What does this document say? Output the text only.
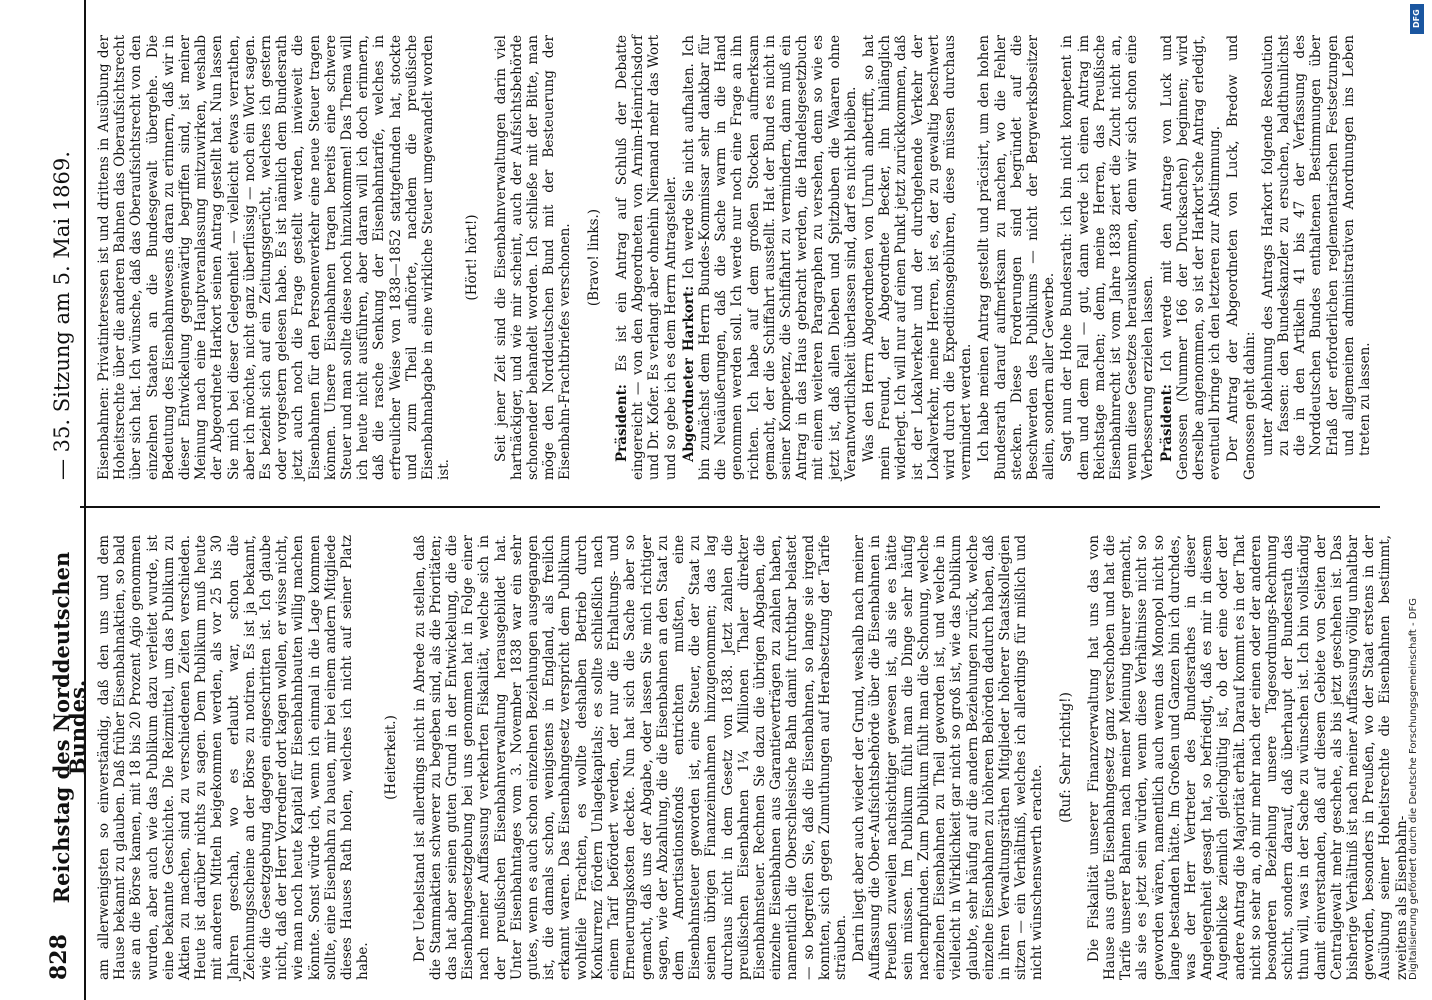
828
Reichstag des Norddeutschen Bundes. am allerwenigsten so einverständig, daß den uns und dem Hause bekannt zu glauben. Daß früher Eisenbahnaktien, so bald sie an die Börse kamen, mit 18 bis 20 Prozent Agio genommen wurden, aber auch wie das Publikum dazu verleitet wurde, ist eine bekannte Geschichte. Die Reizmittel, um das Publikum zu Aktien zu machen, sind zu verschiedenen Zeiten verschieden. Heute ist darüber nichts zu sagen. Dem Publikum muß heute mit anderen Mitteln beigekommen werden, als vor 25 bis 30 Jahren geschah, wo es erlaubt war, schon die Zeichnungsscheine an der Börse zu notiren. Es ist ja bekannt, wie die Gesetzgebung dagegen eingeschritten ist. Ich glaube nicht, daß der Herr Vorredner dort kagen wollen, er wisse nicht, wie man noch heute Kapital für Eisenbahnbauten willig machen könnte. Sonst würde ich, wenn ich einmal in die Lage kommen sollte, eine Eisenbahn zu bauen, mir bei einem andern Mitgliede dieses Hauses Rath holen, welches ich nicht auf seiner Platz habe.

(Heiterkeit.) Der Uebelstand ist allerdings nicht in Abrede zu stellen, daß die Stammaktien schwerer zu begeben sind, als die Prioritäten; das hat aber seinen guten Grund in der Entwickelung, die die Eisenbahngesetzgebung bei uns genommen hat in Folge einer nach meiner Auffassung verkehrten Fiskalität, welche sich in der preußischen Eisenbahnverwaltung herausgebildet hat. Unter Eisenbahntages vom 3. November 1838 war ein sehr gutes, wenn es auch schon einzelnen Beziehungen ausgegangen ist, die damals schon, wenigstens in England, als freilich erkannt waren. Das Eisenbahngesetz verspricht dem Publikum wohlfeile Frachten, es wollte deshalben Betrieb durch Konkurrenz fördern Unlagekapitals; es sollte schließlich nach einem Tarif befördert werden, der nur die Erhaltungs- und Erneuerungskosten deckte. Nun hat sich die Sache aber so gemacht, daß uns der Abgabe, oder lassen Sie mich richtiger sagen, wie der Abzahlung, die die Eisenbahnen an den Staat zu dem Amortisationsfonds entrichten mußten, eine Eisenbahnsteuer geworden ist, eine Steuer, die der Staat zu seinen übrigen Finanzeinnahmen hinzugenommen; das lag durchaus nicht in dem Gesetz von 1838. Jetzt zahlen die preußischen Eisenbahnen 1¼ Millionen Thaler direkter Eisenbahnsteuer. Rechnen Sie dazu die übrigen Abgaben, die einzelne Eisenbahnen aus Garantieverträgen zu zahlen haben, namentlich die Oberschlesische Bahn damit furchtbar belastet — so begreifen Sie, daß die Eisenbahnen, so lange sie irgend konnten, sich gegen Zumuthungen auf Herabsetzung der Tarife sträuben. Darin liegt aber auch wieder der Grund, weshalb nach meiner Auffassung die Ober-Aufsichtsbehörde über die Eisenbahnen in Preußen zuweilen nachsichtiger gewesen ist, als sie es hätte sein müssen. Im Publikum fühlt man die Dinge sehr häufig nachempfunden. Zum Publikum fühlt man die Schonung, welche einzelnen Eisenbahnen zu Theil geworden ist, und welche in vielleicht in Wirklichkeit gar nicht so groß ist, wie das Publikum glaubte, sehr häufig auf die andern Beziehungen zurück, welche einzelne Eisenbahnen zu höheren Behörden dadurch haben, daß in ihren Verwaltungsräthen Mitglieder höherer Staatskollegien sitzen — ein Verhältniß, welches ich allerdings für mißlich und nicht wünschenswerth erachte.

(Ruf: Sehr richtig!) Die Fiskalität unserer Finanzverwaltung hat uns das von Hause aus gute Eisenbahngesetz ganz verschoben und hat die Tarife unserer Bahnen nach meiner Meinung theurer gemacht, als sie es jetzt sein würden, wenn diese Verhältnisse nicht so geworden wären, namentlich auch wenn das Monopol nicht so lange bestanden hätte. Im Großen und Ganzen bin ich durchdes, was der Herr Vertreter des Bundesrathes in dieser Angelegenheit gesagt hat, so befriedigt, daß es mir in diesem Augenblicke ziemlich gleichgültig ist, ob der eine oder der andere Antrag die Majorität erhält. Darauf kommt es in der That nicht so sehr an, ob mir mehr nach der einen oder der anderen besonderen Beziehung unsere Tagesordnungs-Rechnung schicht, sondern darauf, daß überhaupt der Bundesrath das thun will, was in der Sache zu wünschen ist. Ich bin vollständig damit einverstanden, daß auf diesem Gebiete von Seiten der Centralgewalt mehr geschehe, als bis jetzt geschehen ist. Das bisherige Verhältniß ist nach meiner Auffassung völlig unhaltbar geworden, besonders in Preußen, wo der Staat erstens in der Ausübung seiner Hoheitsrechte die Eisenbahnen bestimmt, zweitens als Eisenbahn-

— 35. Sitzung am 5. Mai 1869.	Eisenbahnen: Privatinteressen ist und drittens in Ausübung der Hoheitsrechte über die anderen Bahnen das Oberaufsichtsrecht über sich hat. Ich wünsche, daß das Oberaufsichtsrecht von den einzelnen Staaten an die Bundesgewalt übergehe. Die Bedeutung des Eisenbahnwesens daran zu erinnern, daß wir in dieser Entwickelung gegenwärtig begriffen sind, ist meiner Meinung nach eine Hauptveranlassung mitzuwirken, weshalb der Abgeordnete Harkort seinen Antrag gestellt hat. Nun lassen Sie mich bei dieser Gelegenheit — vielleicht etwas verrathen, aber ich möchte, nicht ganz überflüssig — noch ein Wort sagen. Es bezieht sich auf ein Zeitungsgerücht, welches ich gestern oder vorgestern gelesen habe. Es ist nämlich dem Bundesrath jetzt auch noch die Frage gestellt werden, inwieweit die Eisenbahnen für den Personenverkehr eine neue Steuer tragen können. Unsere Eisenbahnen tragen bereits eine schwere Steuer und man sollte diese noch hinzukommen! Das Thema will ich heute nicht ausführen, aber daran will ich doch erinnern, daß die rasche Senkung der Eisenbahntarife, welches in erfreulicher Weise von 1838—1852 stattgefunden hat, stockte und zum Theil aufhörte, nachdem die preußische Eisenbahnabgabe in eine wirkliche Steuer umgewandelt worden ist.

(Hört! hört!) Seit jener Zeit sind die Eisenbahnverwaltungen darin viel hartnäckiger, und wie mir scheint, auch der Aufsichtsbehörde schonender behandelt worden. Ich schließe mit der Bitte, man möge den Norddeutschen Bund mit der Besteuerung der Eisenbahn-Frachtbriefes verschonen. (Bravo! links.)

Präsident: Es ist ein Antrag auf Schluß der Debatte eingereicht — von den Abgeordneten von Arnim-Heinrichsdorf und Dr. Kofer. Es verlangt aber ohnehin Niemand mehr das Wort und so gebe ich es dem Herrn Antragsteller. Abgeordneter Harkort: Ich werde Sie nicht aufhalten. Ich bin zunächst dem Herrn Bundes-Kommissar sehr dankbar für die Neuäußerungen, daß die Sache warm in die Hand genommen werden soll. Ich werde nur noch eine Frage an ihn richten. Ich habe auf dem großen Stocken aufmerksam gemacht, der die Schiffahrt ausstellt. Hat der Bund es nicht in seiner Kompetenz, die Schiffahrt zu vermindern, dann muß ein Antrag in das Haus gebracht werden, die Handelsgesetzbuch mit einem weiteren Paragraphen zu versehen, denn so wie es jetzt ist, daß allen Dieben und Spitzbuben die Waaren ohne Verantwortlichkeit überlassen sind, darf es nicht bleiben. Was den Herrn Abgeordneten von Unruh anbetrifft, so hat mein Freund, der Abgeordnete Becker, ihn hinlänglich widerlegt. Ich will nur auf einen Punkt jetzt zurückkommen, daß ist der Lokalverkehr und der durchgehende Verkehr der Lokalverkehr, meine Herren, ist es, der zu gewaltig beschwert wird durch die Expeditionsgebühren, diese müssen durchaus vermindert werden. Ich habe meinen Antrag gestellt und präcisirt, um den hohen Bundesrath darauf aufmerksam zu machen, wo die Fehler stecken. Diese Forderungen sind begründet auf die Beschwerden des Publikums — nicht der Bergwerksbesitzer allein, sondern aller Gewerbe. Sagt nun der Hohe Bundesrath: ich bin nicht kompetent in dem und dem Fall — gut, dann werde ich einen Antrag im Reichstage machen; denn, meine Herren, das Preußische Eisenbahnrecht ist vom Jahre 1838 ziert die Zucht nicht an, wenn diese Gesetzes herauskommen, denn wir sich schon eine Verbesserung erzielen lassen. Präsident: Ich werde mit den Antrage von Luck und Genossen (Nummer 166 der Drucksachen) beginnen; wird derselbe angenommen, so ist der Harkort'sche Antrag erledigt, eventuell bringe ich den letzteren zur Abstimmung. Der Antrag der Abgeordneten von Luck, Bredow und Genossen geht dahin: unter Ablehnung des Antrags Harkort folgende Resolution zu fassen: den Bundeskanzler zu ersuchen, baldthunlichst die in den Artikeln 41 bis 47 der Verfassung des Norddeutschen Bundes enthaltenen Bestimmungen über Erlaß der erforderlichen reglementarischen Festsetzungen und allgemeinen administrativen Anordnungen ins Leben treten zu lassen.

DFG
Digitalisierung gefördert durch die Deutsche Forschungsgemeinschaft - DFG
